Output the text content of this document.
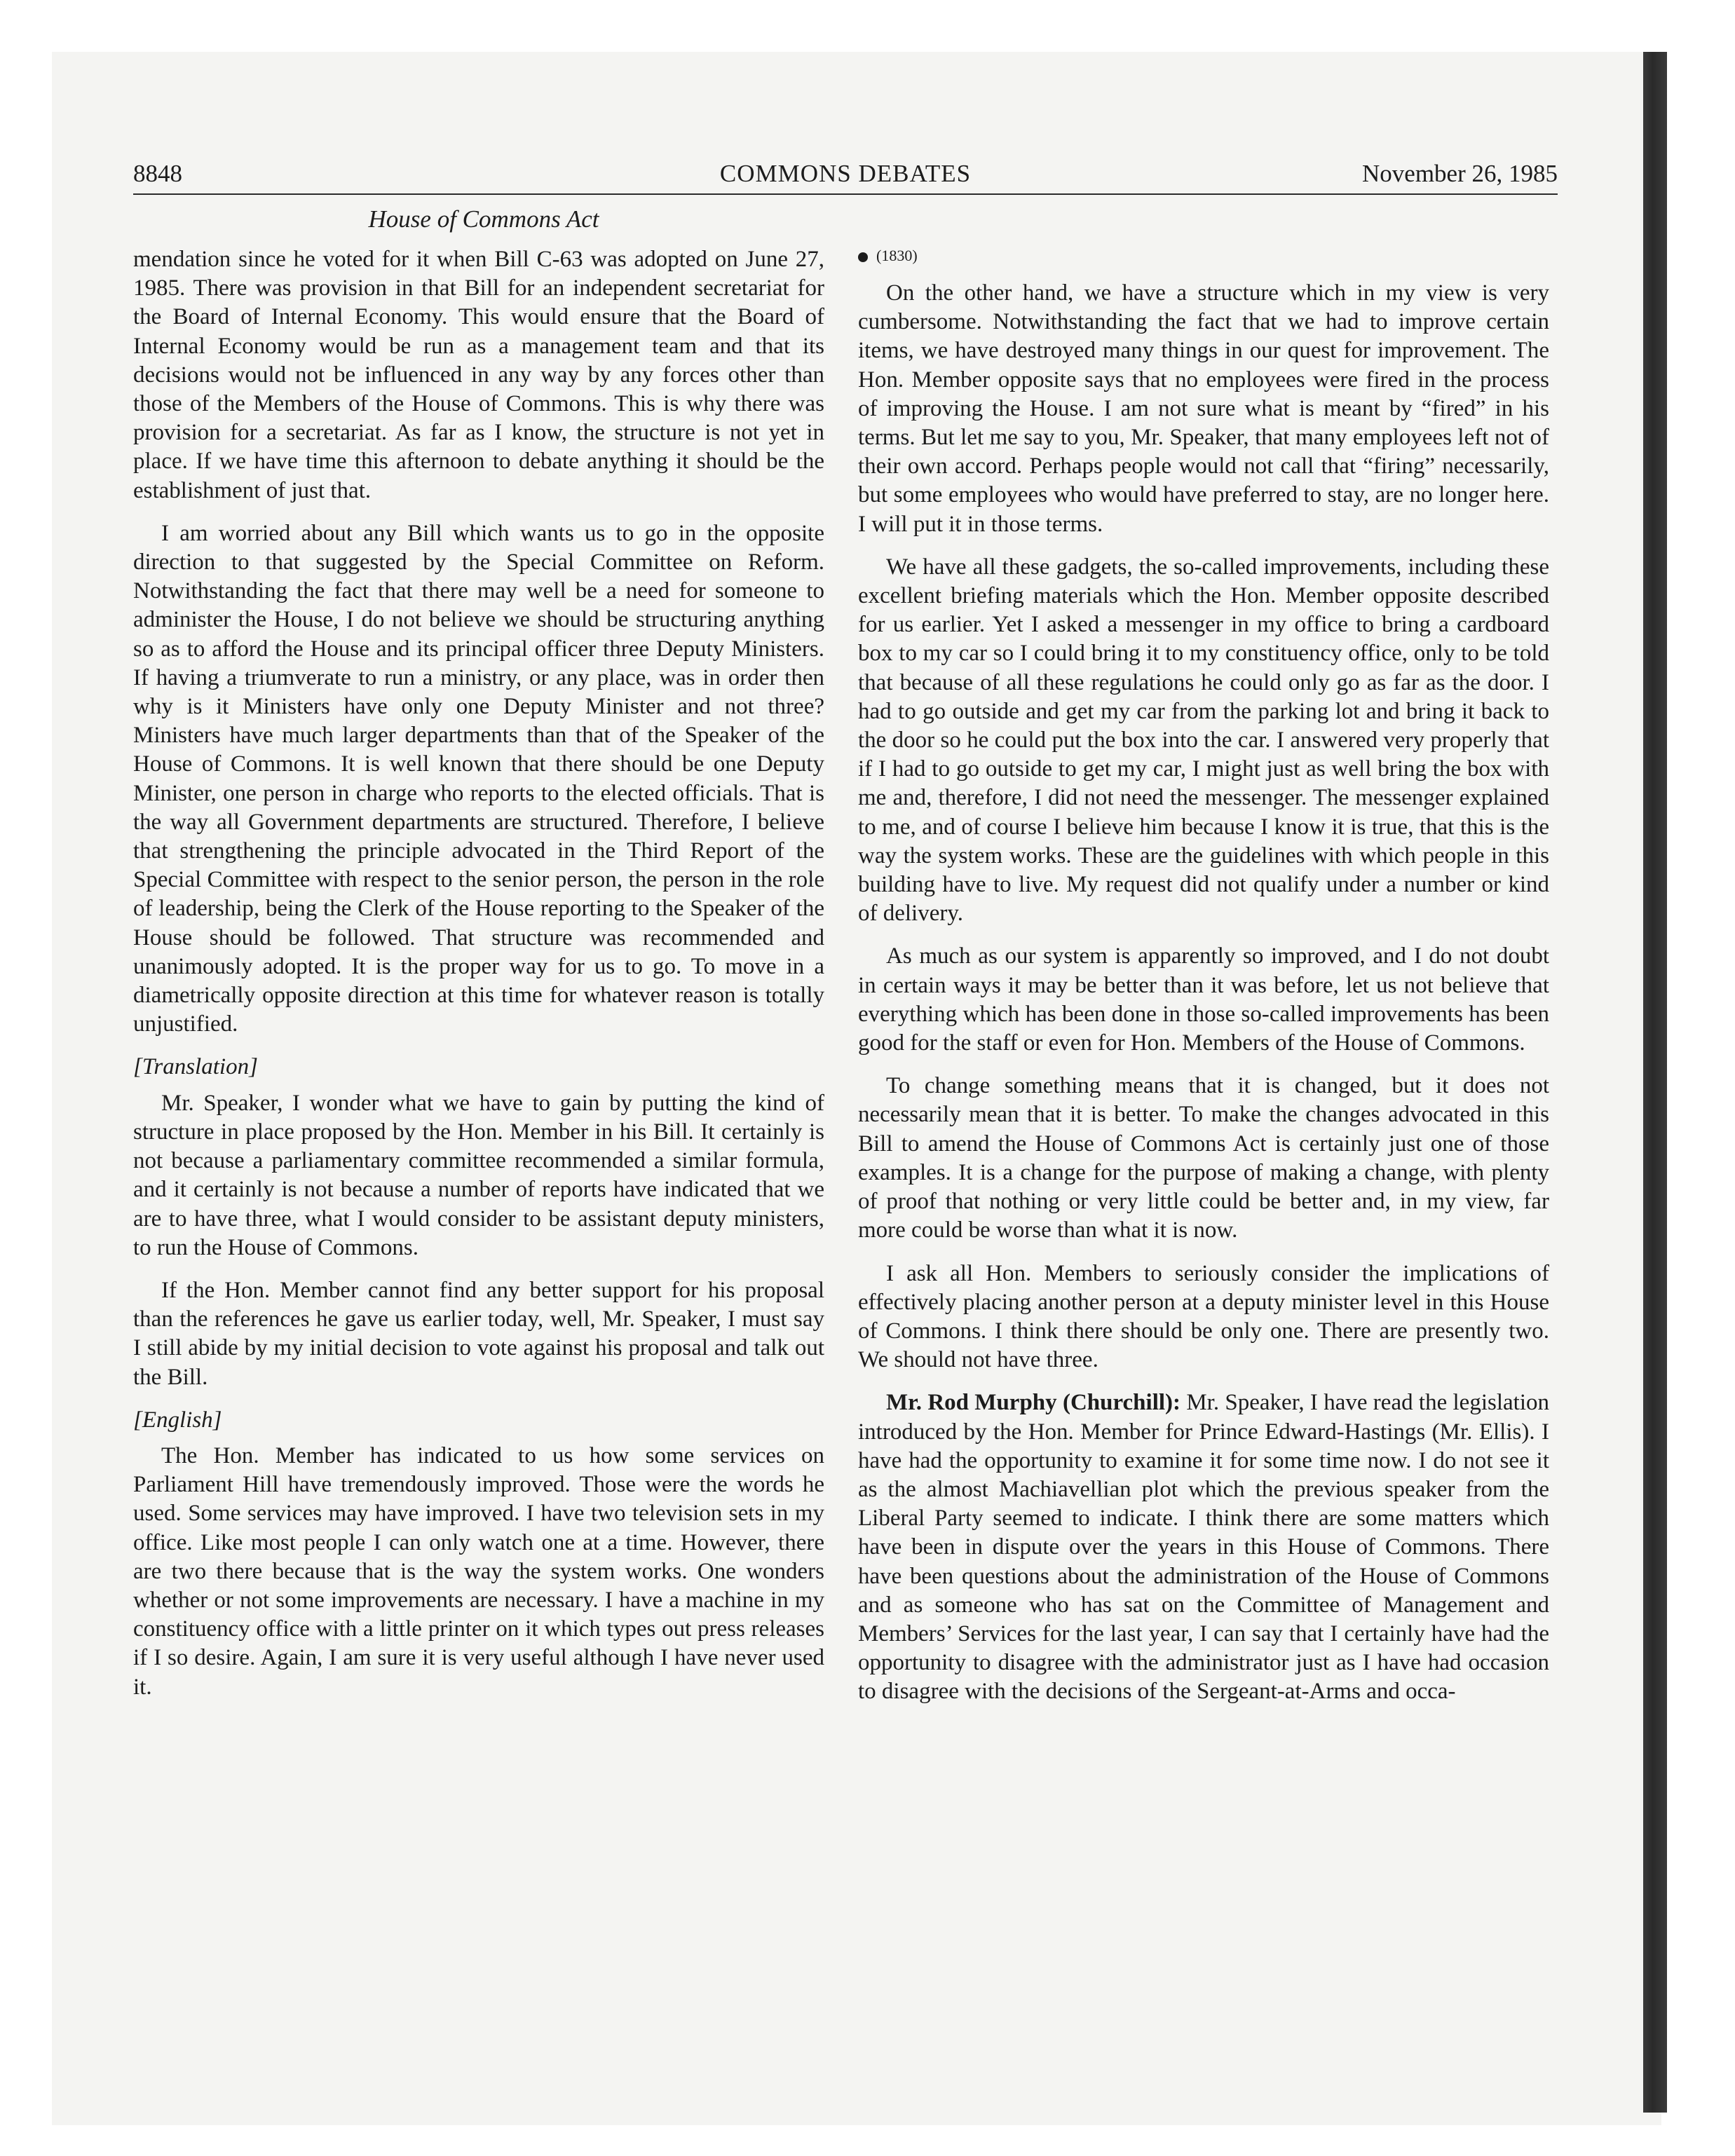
8848	COMMONS DEBATES	November 26, 1985
House of Commons Act

mendation since he voted for it when Bill C-63 was adopted on June 27, 1985. There was provision in that Bill for an independent secretariat for the Board of Internal Economy. This would ensure that the Board of Internal Economy would be run as a management team and that its decisions would not be influenced in any way by any forces other than those of the Members of the House of Commons. This is why there was provision for a secretariat. As far as I know, the structure is not yet in place. If we have time this afternoon to debate anything it should be the establishment of just that.

I am worried about any Bill which wants us to go in the opposite direction to that suggested by the Special Committee on Reform. Notwithstanding the fact that there may well be a need for someone to administer the House, I do not believe we should be structuring anything so as to afford the House and its principal officer three Deputy Ministers. If having a triumverate to run a ministry, or any place, was in order then why is it Ministers have only one Deputy Minister and not three? Ministers have much larger departments than that of the Speaker of the House of Commons. It is well known that there should be one Deputy Minister, one person in charge who reports to the elected officials. That is the way all Government departments are structured. Therefore, I believe that strengthening the principle advocated in the Third Report of the Special Committee with respect to the senior person, the person in the role of leadership, being the Clerk of the House reporting to the Speaker of the House should be followed. That structure was recommended and unanimously adopted. It is the proper way for us to go. To move in a diametrically opposite direction at this time for whatever reason is totally unjustified.

[Translation]

Mr. Speaker, I wonder what we have to gain by putting the kind of structure in place proposed by the Hon. Member in his Bill. It certainly is not because a parliamentary committee recommended a similar formula, and it certainly is not because a number of reports have indicated that we are to have three, what I would consider to be assistant deputy ministers, to run the House of Commons.

If the Hon. Member cannot find any better support for his proposal than the references he gave us earlier today, well, Mr. Speaker, I must say I still abide by my initial decision to vote against his proposal and talk out the Bill.

[English]

The Hon. Member has indicated to us how some services on Parliament Hill have tremendously improved. Those were the words he used. Some services may have improved. I have two television sets in my office. Like most people I can only watch one at a time. However, there are two there because that is the way the system works. One wonders whether or not some improvements are necessary. I have a machine in my constituency office with a little printer on it which types out press releases if I so desire. Again, I am sure it is very useful although I have never used it.

(1830)

On the other hand, we have a structure which in my view is very cumbersome. Notwithstanding the fact that we had to improve certain items, we have destroyed many things in our quest for improvement. The Hon. Member opposite says that no employees were fired in the process of improving the House. I am not sure what is meant by “fired” in his terms. But let me say to you, Mr. Speaker, that many employees left not of their own accord. Perhaps people would not call that “firing” necessarily, but some employees who would have preferred to stay, are no longer here. I will put it in those terms.

We have all these gadgets, the so-called improvements, including these excellent briefing materials which the Hon. Member opposite described for us earlier. Yet I asked a messenger in my office to bring a cardboard box to my car so I could bring it to my constituency office, only to be told that because of all these regulations he could only go as far as the door. I had to go outside and get my car from the parking lot and bring it back to the door so he could put the box into the car. I answered very properly that if I had to go outside to get my car, I might just as well bring the box with me and, therefore, I did not need the messenger. The messenger explained to me, and of course I believe him because I know it is true, that this is the way the system works. These are the guidelines with which people in this building have to live. My request did not qualify under a number or kind of delivery.

As much as our system is apparently so improved, and I do not doubt in certain ways it may be better than it was before, let us not believe that everything which has been done in those so-called improvements has been good for the staff or even for Hon. Members of the House of Commons.

To change something means that it is changed, but it does not necessarily mean that it is better. To make the changes advocated in this Bill to amend the House of Commons Act is certainly just one of those examples. It is a change for the purpose of making a change, with plenty of proof that nothing or very little could be better and, in my view, far more could be worse than what it is now.

I ask all Hon. Members to seriously consider the implications of effectively placing another person at a deputy minister level in this House of Commons. I think there should be only one. There are presently two. We should not have three.

Mr. Rod Murphy (Churchill): Mr. Speaker, I have read the legislation introduced by the Hon. Member for Prince Edward-Hastings (Mr. Ellis). I have had the opportunity to examine it for some time now. I do not see it as the almost Machiavellian plot which the previous speaker from the Liberal Party seemed to indicate. I think there are some matters which have been in dispute over the years in this House of Commons. There have been questions about the administration of the House of Commons and as someone who has sat on the Committee of Management and Members’ Services for the last year, I can say that I certainly have had the opportunity to disagree with the administrator just as I have had occasion to disagree with the decisions of the Sergeant-at-Arms and occa-
